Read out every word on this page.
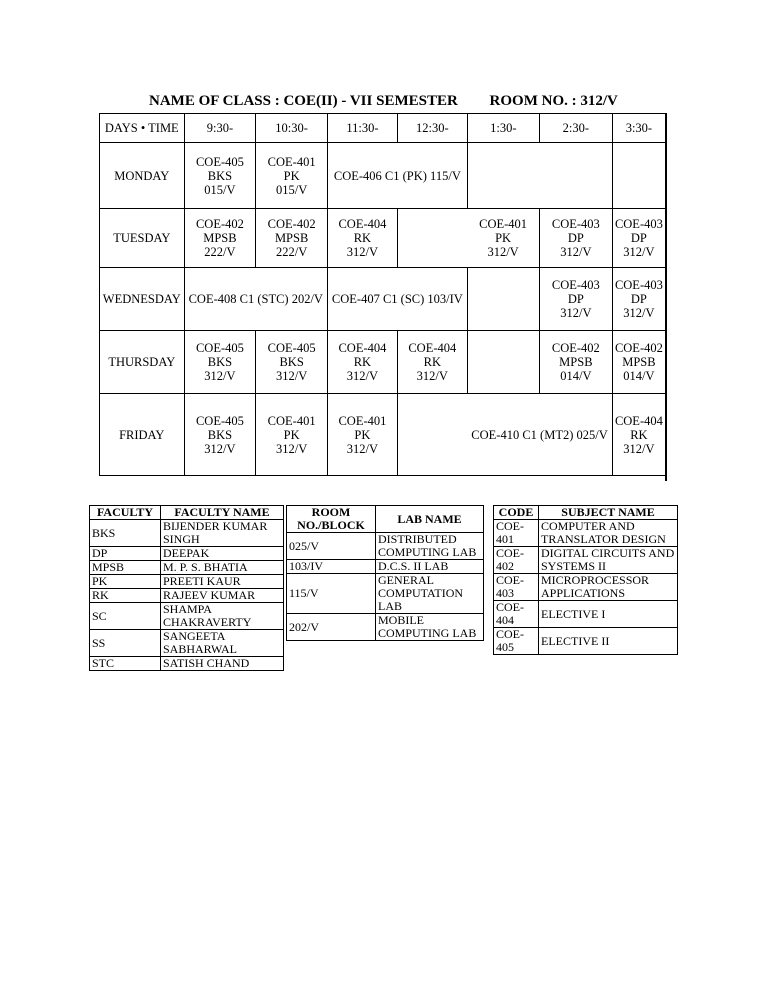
NAME OF CLASS : COE(II) - VII SEMESTER ROOM NO. : 312/V
DAYS • TIME	9:30-	10:30-	11:30-	12:30-	1:30-	2:30-	3:30-
MONDAY	COE-405
BKS
015/V	COE-401
PK
015/V	COE-406 C1 (PK) 115/V				
TUESDAY	COE-402
MPSB
222/V	COE-402
MPSB
222/V	COE-404
RK
312/V		COE-401
PK
312/V	COE-403
DP
312/V	COE-403
DP
312/V
WEDNESDAY	COE-408 C1 (STC) 202/V		COE-407 C1 (SC) 103/IV			COE-403
DP
312/V	COE-403
DP
312/V
THURSDAY	COE-405
BKS
312/V	COE-405
BKS
312/V	COE-404
RK
312/V	COE-404
RK
312/V		COE-402
MPSB
014/V	COE-402
MPSB
014/V
FRIDAY	COE-405
BKS
312/V	COE-401
PK
312/V	COE-401
PK
312/V		COE-410 C1 (MT2) 025/V		COE-404
RK
312/V
FACULTY	FACULTY NAME
BKS	BIJENDER KUMAR SINGH
DP	DEEPAK
MPSB	M. P. S. BHATIA
PK	PREETI KAUR
RK	RAJEEV KUMAR
SC	SHAMPA CHAKRAVERTY
SS	SANGEETA SABHARWAL
STC	SATISH CHAND
ROOM NO./BLOCK	LAB NAME
025/V	DISTRIBUTED COMPUTING LAB
103/IV	D.C.S. II LAB
115/V	GENERAL COMPUTATION LAB
202/V	MOBILE COMPUTING LAB
CODE	SUBJECT NAME
COE-401	COMPUTER AND TRANSLATOR DESIGN
COE-402	DIGITAL CIRCUITS AND SYSTEMS II
COE-403	MICROPROCESSOR APPLICATIONS
COE-404	ELECTIVE I
COE-405	ELECTIVE II
